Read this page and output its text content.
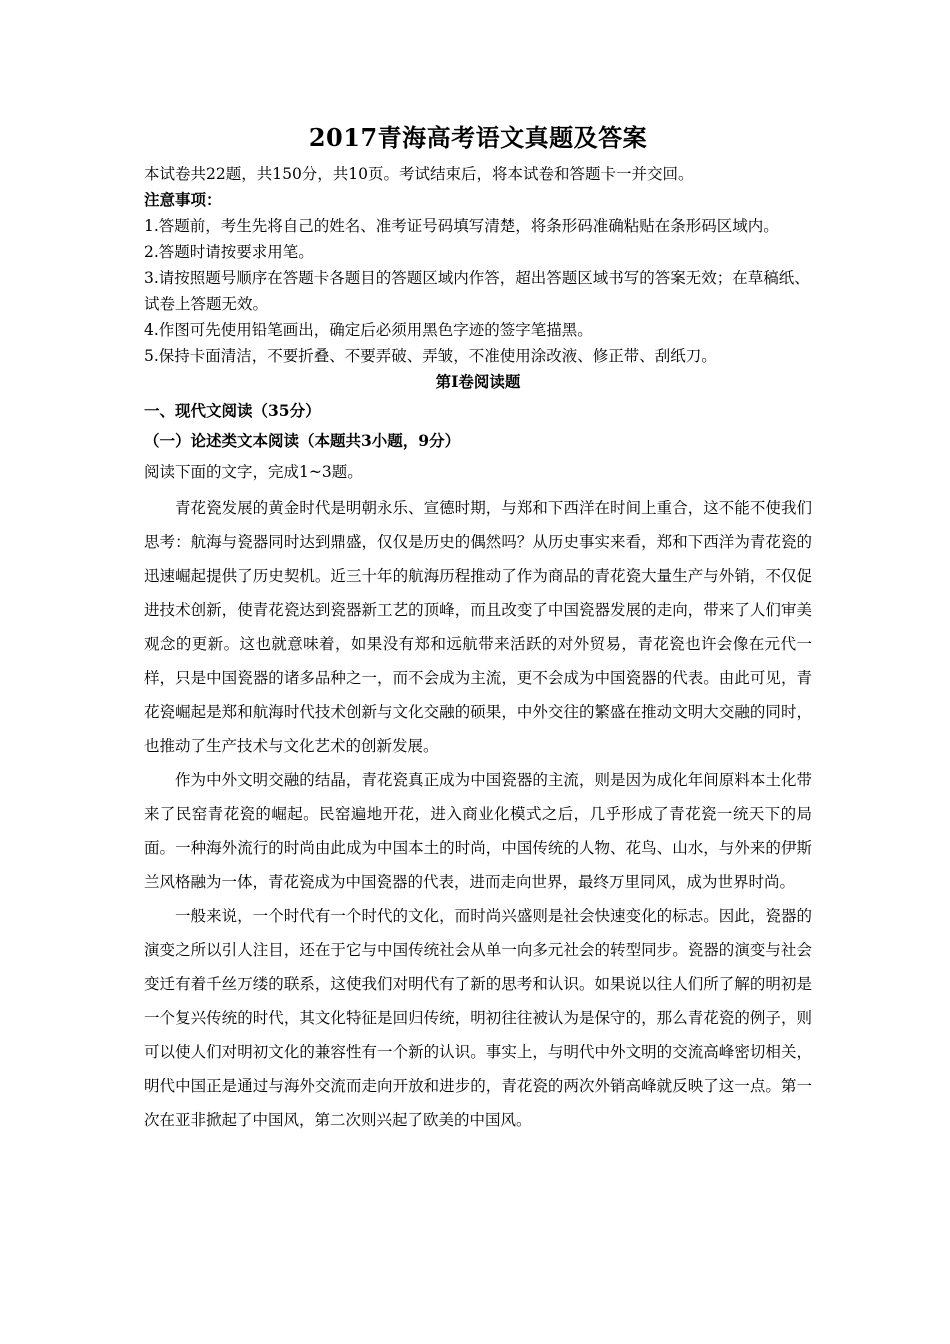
2017青海高考语文真题及答案

本试卷共22题，共150分，共10页。考试结束后，将本试卷和答题卡一并交回。

注意事项：

1.答题前，考生先将自己的姓名、准考证号码填写清楚，将条形码准确粘贴在条形码区域内。

2.答题时请按要求用笔。

3.请按照题号顺序在答题卡各题目的答题区域内作答，超出答题区域书写的答案无效；在草稿纸、试卷上答题无效。

4.作图可先使用铅笔画出，确定后必须用黑色字迹的签字笔描黑。

5.保持卡面清洁，不要折叠、不要弄破、弄皱，不准使用涂改液、修正带、刮纸刀。

第Ⅰ卷阅读题

一、现代文阅读（35分）

（一）论述类文本阅读（本题共3小题，9分）

阅读下面的文字，完成1~3题。

青花瓷发展的黄金时代是明朝永乐、宣德时期，与郑和下西洋在时间上重合，这不能不使我们思考：航海与瓷器同时达到鼎盛，仅仅是历史的偶然吗？从历史事实来看，郑和下西洋为青花瓷的迅速崛起提供了历史契机。近三十年的航海历程推动了作为商品的青花瓷大量生产与外销，不仅促进技术创新，使青花瓷达到瓷器新工艺的顶峰，而且改变了中国瓷器发展的走向，带来了人们审美观念的更新。这也就意味着，如果没有郑和远航带来活跃的对外贸易，青花瓷也许会像在元代一样，只是中国瓷器的诸多品种之一，而不会成为主流，更不会成为中国瓷器的代表。由此可见，青花瓷崛起是郑和航海时代技术创新与文化交融的硕果，中外交往的繁盛在推动文明大交融的同时，也推动了生产技术与文化艺术的创新发展。

作为中外文明交融的结晶，青花瓷真正成为中国瓷器的主流，则是因为成化年间原料本土化带来了民窑青花瓷的崛起。民窑遍地开花，进入商业化模式之后，几乎形成了青花瓷一统天下的局面。一种海外流行的时尚由此成为中国本土的时尚，中国传统的人物、花鸟、山水，与外来的伊斯兰风格融为一体，青花瓷成为中国瓷器的代表，进而走向世界，最终万里同风，成为世界时尚。

一般来说，一个时代有一个时代的文化，而时尚兴盛则是社会快速变化的标志。因此，瓷器的演变之所以引人注目，还在于它与中国传统社会从单一向多元社会的转型同步。瓷器的演变与社会变迁有着千丝万缕的联系，这使我们对明代有了新的思考和认识。如果说以往人们所了解的明初是一个复兴传统的时代，其文化特征是回归传统，明初往往被认为是保守的，那么青花瓷的例子，则可以使人们对明初文化的兼容性有一个新的认识。事实上，与明代中外文明的交流高峰密切相关，明代中国正是通过与海外交流而走向开放和进步的，青花瓷的两次外销高峰就反映了这一点。第一次在亚非掀起了中国风，第二次则兴起了欧美的中国风。
